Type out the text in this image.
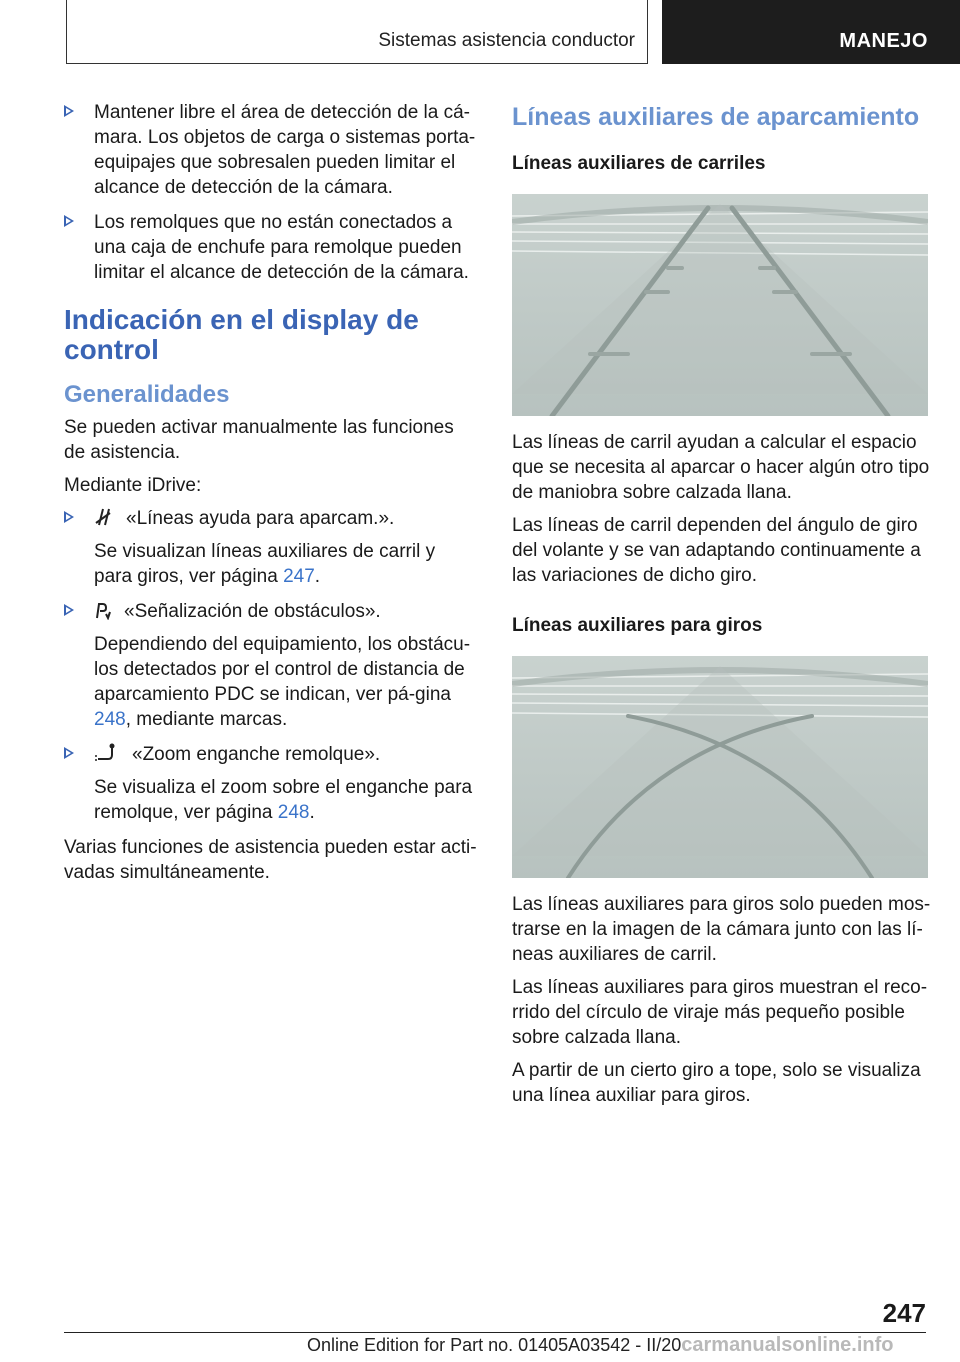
Sistemas asistencia conductor	MANEJO
Mantener libre el área de detección de la cá-mara. Los objetos de carga o sistemas porta-equipajes que sobresalen pueden limitar el alcance de detección de la cámara.
Los remolques que no están conectados a una caja de enchufe para remolque pueden limitar el alcance de detección de la cámara.
Indicación en el display de control
Generalidades

Se pueden activar manualmente las funciones de asistencia.

Mediante iDrive:

«Líneas ayuda para aparcam.».
Se visualizan líneas auxiliares de carril y para giros, ver página 247.
«Señalización de obstáculos».
Dependiendo del equipamiento, los obstácu-los detectados por el control de distancia de aparcamiento PDC se indican, ver pá-gina 248, mediante marcas.
«Zoom enganche remolque».
Se visualiza el zoom sobre el enganche para remolque, ver página 248.

Varias funciones de asistencia pueden estar acti-vadas simultáneamente.

Líneas auxiliares de aparcamiento
Líneas auxiliares de carriles

Las líneas de carril ayudan a calcular el espacio que se necesita al aparcar o hacer algún otro tipo de maniobra sobre calzada llana.

Las líneas de carril dependen del ángulo de giro del volante y se van adaptando continuamente a las variaciones de dicho giro.

Líneas auxiliares para giros

Las líneas auxiliares para giros solo pueden mos-trarse en la imagen de la cámara junto con las lí-neas auxiliares de carril.

Las líneas auxiliares para giros muestran el reco-rrido del círculo de viraje más pequeño posible sobre calzada llana.

A partir de un cierto giro a tope, solo se visualiza una línea auxiliar para giros.

247
Online Edition for Part no. 01405A03542 - II/20carmanualsonline.info
